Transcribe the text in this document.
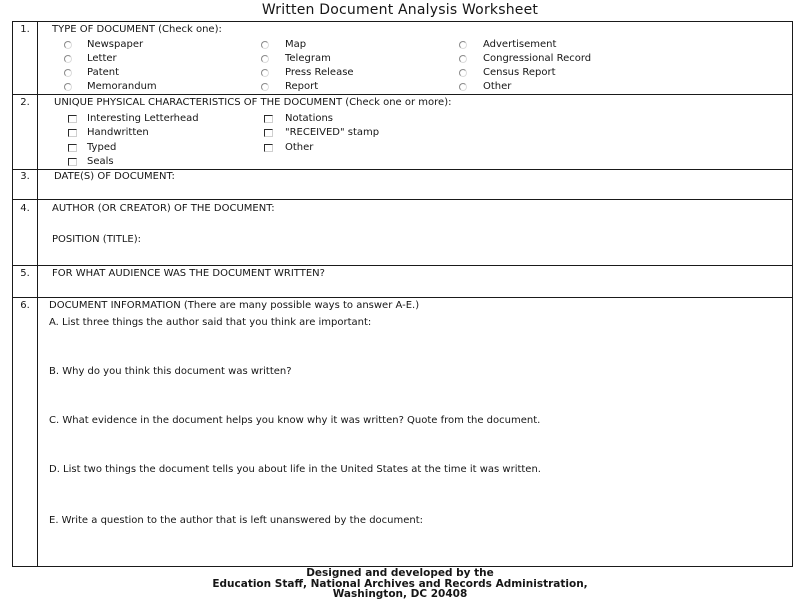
Written Document Analysis Worksheet
1.	TYPE OF DOCUMENT (Check one):
Newspaper	Map	Advertisement
Letter	Telegram	Congressional Record
Patent	Press Release	Census Report
Memorandum	Report	Other
2.	UNIQUE PHYSICAL CHARACTERISTICS OF THE DOCUMENT (Check one or more):
Interesting Letterhead	Notations
Handwritten	"RECEIVED" stamp
Typed	Other
Seals
3.	DATE(S) OF DOCUMENT:
4.	AUTHOR (OR CREATOR) OF THE DOCUMENT:
POSITION (TITLE):
5.	FOR WHAT AUDIENCE WAS THE DOCUMENT WRITTEN?
6.	DOCUMENT INFORMATION (There are many possible ways to answer A-E.)
A. List three things the author said that you think are important:
B. Why do you think this document was written?
C. What evidence in the document helps you know why it was written? Quote from the document.
D. List two things the document tells you about life in the United States at the time it was written.
E. Write a question to the author that is left unanswered by the document:
Designed and developed by the
Education Staff, National Archives and Records Administration,
Washington, DC 20408
